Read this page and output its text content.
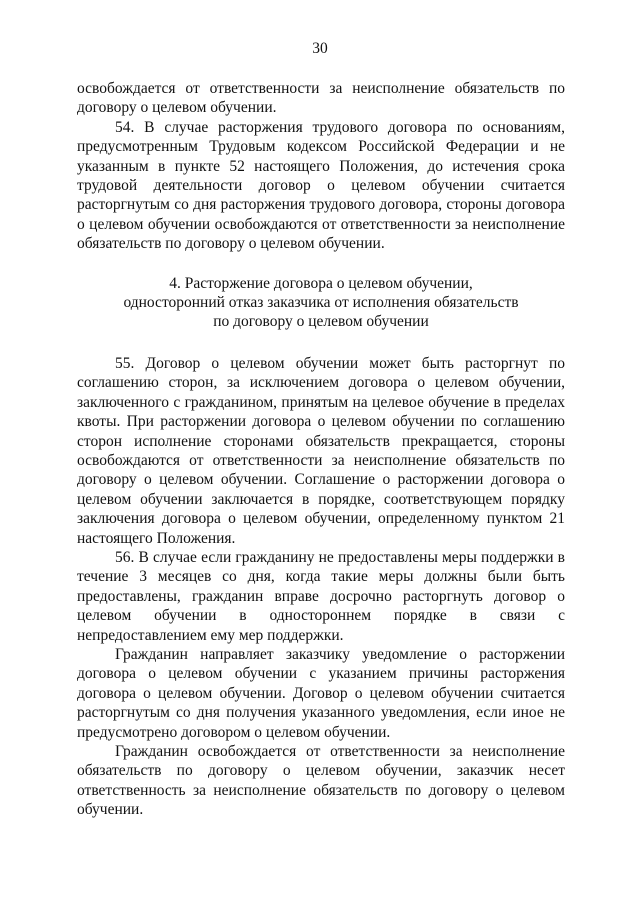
30

освобождается от ответственности за неисполнение обязательств по договору о целевом обучении.

54. В случае расторжения трудового договора по основаниям, предусмотренным Трудовым кодексом Российской Федерации и не указанным в пункте 52 настоящего Положения, до истечения срока трудовой деятельности договор о целевом обучении считается расторгнутым со дня расторжения трудового договора, стороны договора о целевом обучении освобождаются от ответственности за неисполнение обязательств по договору о целевом обучении.

4. Расторжение договора о целевом обучении,
односторонний отказ заказчика от исполнения обязательств
по договору о целевом обучении

55. Договор о целевом обучении может быть расторгнут по соглашению сторон, за исключением договора о целевом обучении, заключенного с гражданином, принятым на целевое обучение в пределах квоты. При расторжении договора о целевом обучении по соглашению сторон исполнение сторонами обязательств прекращается, стороны освобождаются от ответственности за неисполнение обязательств по договору о целевом обучении. Соглашение о расторжении договора о целевом обучении заключается в порядке, соответствующем порядку заключения договора о целевом обучении, определенному пунктом 21 настоящего Положения.

56. В случае если гражданину не предоставлены меры поддержки в течение 3 месяцев со дня, когда такие меры должны были быть предоставлены, гражданин вправе досрочно расторгнуть договор о целевом обучении в одностороннем порядке в связи с непредоставлением ему мер поддержки.

Гражданин направляет заказчику уведомление о расторжении договора о целевом обучении с указанием причины расторжения договора о целевом обучении. Договор о целевом обучении считается расторгнутым со дня получения указанного уведомления, если иное не предусмотрено договором о целевом обучении.

Гражданин освобождается от ответственности за неисполнение обязательств по договору о целевом обучении, заказчик несет ответственность за неисполнение обязательств по договору о целевом обучении.
